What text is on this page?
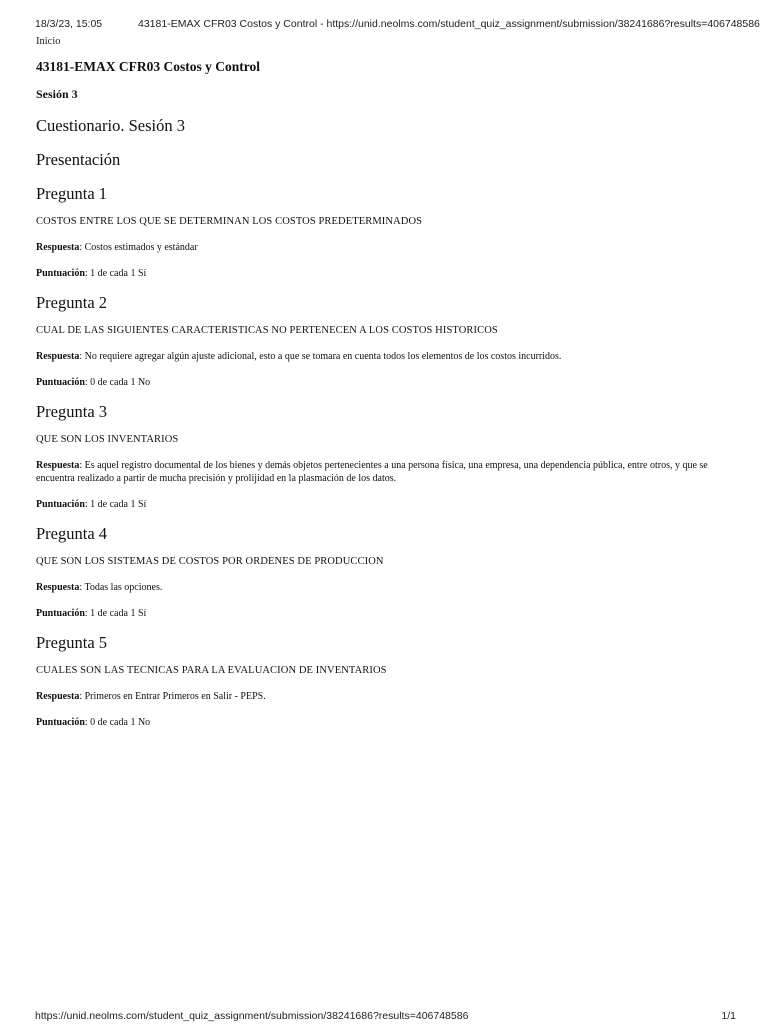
18/3/23, 15:05	43181-EMAX CFR03 Costos y Control - https://unid.neolms.com/student_quiz_assignment/submission/38241686?results=406748586
Inicio
43181-EMAX CFR03 Costos y Control
Sesión 3
Cuestionario. Sesión 3
Presentación
Pregunta 1
COSTOS ENTRE LOS QUE SE DETERMINAN LOS COSTOS PREDETERMINADOS
Respuesta: Costos estimados y estándar
Puntuación: 1 de cada 1 Sí
Pregunta 2
CUAL DE LAS SIGUIENTES CARACTERISTICAS NO PERTENECEN A LOS COSTOS HISTORICOS
Respuesta: No requiere agregar algún ajuste adicional, esto a que se tomara en cuenta todos los elementos de los costos incurridos.
Puntuación: 0 de cada 1 No
Pregunta 3
QUE SON LOS INVENTARIOS
Respuesta: Es aquel registro documental de los bienes y demás objetos pertenecientes a una persona física, una empresa, una dependencia pública, entre otros, y que se encuentra realizado a partir de mucha precisión y prolijidad en la plasmación de los datos.
Puntuación: 1 de cada 1 Sí
Pregunta 4
QUE SON LOS SISTEMAS DE COSTOS POR ORDENES DE PRODUCCION
Respuesta: Todas las opciones.
Puntuación: 1 de cada 1 Sí
Pregunta 5
CUALES SON LAS TECNICAS PARA LA EVALUACION DE INVENTARIOS
Respuesta: Primeros en Entrar Primeros en Salir - PEPS.
Puntuación: 0 de cada 1 No
https://unid.neolms.com/student_quiz_assignment/submission/38241686?results=406748586	1/1
